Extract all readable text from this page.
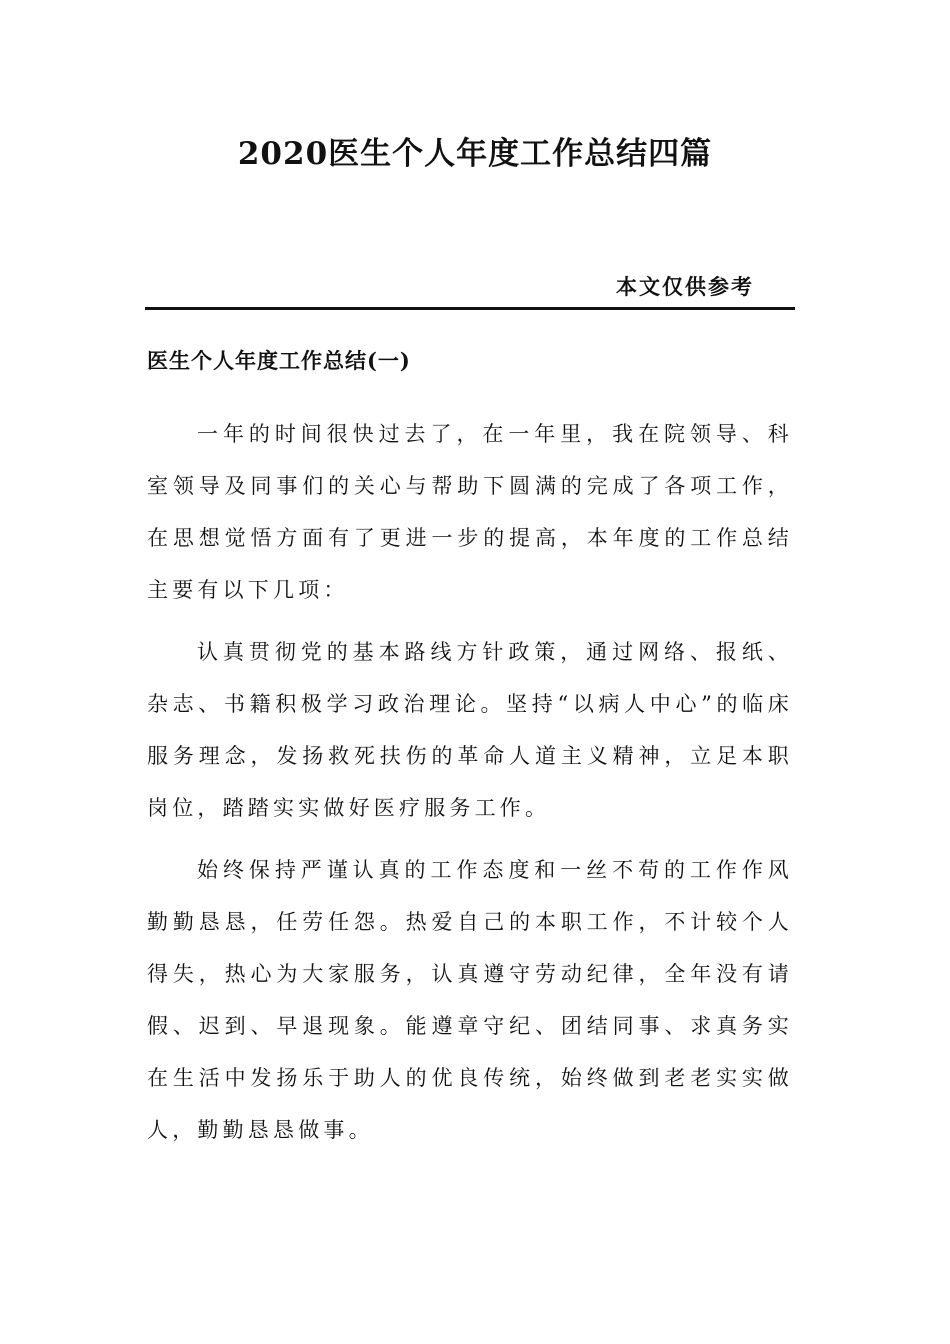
2020医生个人年度工作总结四篇
本文仅供参考
医生个人年度工作总结(一)

一年的时间很快过去了，在一年里，我在院领导、科室领导及同事们的关心与帮助下圆满的完成了各项工作，在思想觉悟方面有了更进一步的提高，本年度的工作总结主要有以下几项：

认真贯彻党的基本路线方针政策，通过网络、报纸、杂志、书籍积极学习政治理论。坚持“以病人中心”的临床服务理念，发扬救死扶伤的革命人道主义精神，立足本职岗位，踏踏实实做好医疗服务工作。

始终保持严谨认真的工作态度和一丝不苟的工作作风勤勤恳恳，任劳任怨。热爱自己的本职工作，不计较个人得失，热心为大家服务，认真遵守劳动纪律，全年没有请假、迟到、早退现象。能遵章守纪、团结同事、求真务实在生活中发扬乐于助人的优良传统，始终做到老老实实做人，勤勤恳恳做事。
